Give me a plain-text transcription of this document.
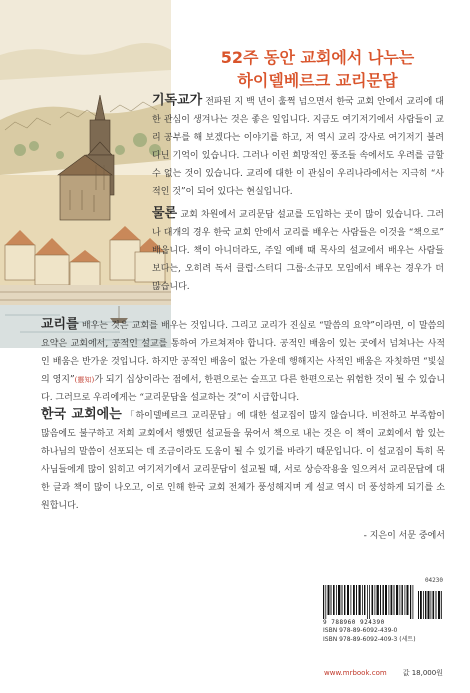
52주 동안 교회에서 나누는
하이델베르크 교리문답
기독교가 전파된 지 백 년이 훌쩍 넘으면서 한국 교회 안에서 교리에 대한 관심이 생겨나는 것은 좋은 일입니다. 지금도 여기저기에서 사람들이 교리 공부를 해 보겠다는 이야기를 하고, 저 역시 교리 강사로 여기저기 불려 다닌 기억이 있습니다. 그러나 이런 희망적인 풍조들 속에서도 우려를 금할 수 없는 것이 있습니다. 교리에 대한 이 관심이 우리나라에서는 지극히 “사적인 것”이 되어 있다는 현실입니다.
물론 교회 차원에서 교리문답 설교를 도입하는 곳이 많이 있습니다. 그러나 대개의 경우 한국 교회 안에서 교리를 배우는 사람들은 이것을 “책으로” 배웁니다. 책이 아니더라도, 주일 예배 때 목사의 설교에서 배우는 사람들보다는, 오히려 독서 클럽·스터디 그룹·소규모 모임에서 배우는 경우가 더 많습니다.
교리를 배우는 것은 교회를 배우는 것입니다. 그리고 교리가 진실로 “말씀의 요약”이라면, 이 말씀의 요약은 교회에서, 공적인 설교를 통하여 가르쳐져야 합니다. 공적인 배움이 있는 곳에서 넘쳐나는 사적인 배움은 반가운 것입니다. 하지만 공적인 배움이 없는 가운데 행해지는 사적인 배움은 자칫하면 “빛실의 영지”(靈知)가 되기 십상이라는 점에서, 한편으로는 슬프고 다른 한편으로는 위험한 것이 될 수 있습니다. 그러므로 우리에게는 “교리문답을 설교하는 것”이 시급합니다.
한국 교회에는 「하이델베르크 교리문답」에 대한 설교집이 많지 않습니다. 비전하고 부족함이 많음에도 불구하고 저희 교회에서 행했던 설교들을 묶어서 책으로 내는 것은 이 책이 교회에서 함 있는 하나님의 말씀이 선포되는 데 조금이라도 도움이 될 수 있기를 바라기 때문입니다. 이 설교집이 특히 목사님들에게 많이 읽히고 여기저기에서 교리문답이 설교될 때, 서로 상승작용을 일으켜서 교리문답에 대한 글과 책이 많이 나오고, 이로 인해 한국 교회 전체가 풍성해지며 게 설교 역시 더 풍성하게 되기를 소원합니다.
- 지은이 서문 중에서
04230
9 788960 924390
ISBN 978-89-6092-439-0
ISBN 978-89-6092-409-3 (세트)
www.mrbook.com 값 18,000원
